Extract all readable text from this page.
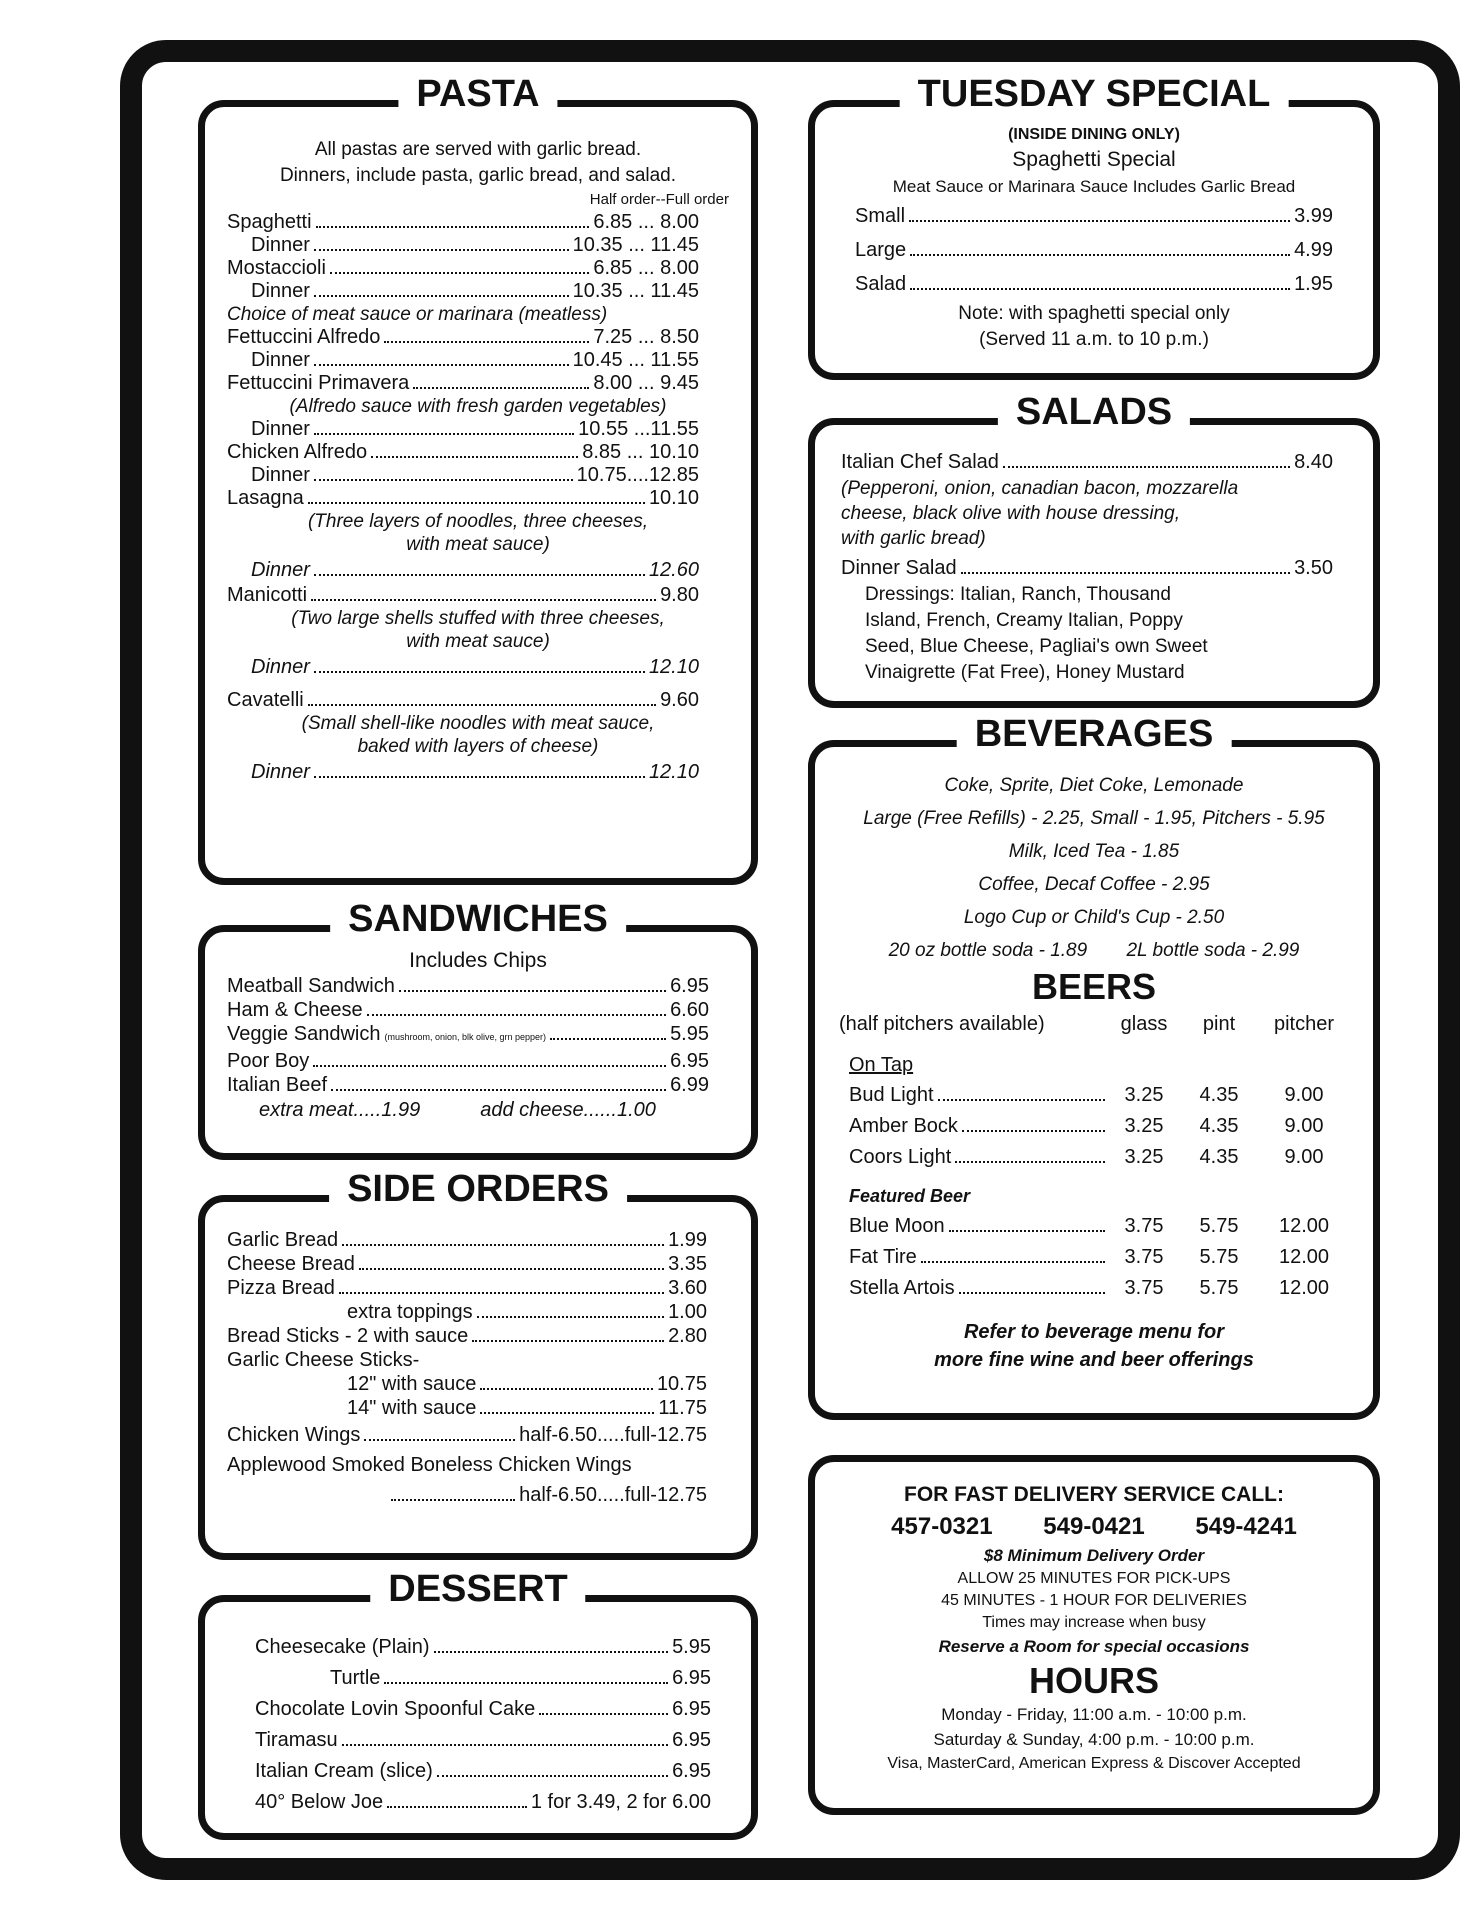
PASTA
All pastas are served with garlic bread.
Dinners, include pasta, garlic bread, and salad.
Half order--Full order
Spaghetti	6.85 ... 8.00
Dinner	10.35 ... 11.45
Mostaccioli	6.85 ... 8.00
Dinner	10.35 ... 11.45
Choice of meat sauce or marinara (meatless)
Fettuccini Alfredo	7.25 ... 8.50
Dinner	10.45 ... 11.55
Fettuccini Primavera	8.00 ... 9.45
(Alfredo sauce with fresh garden vegetables)
Dinner	10.55 ...11.55
Chicken Alfredo	8.85 ... 10.10
Dinner	10.75....12.85
Lasagna	10.10
(Three layers of noodles, three cheeses,
with meat sauce)
Dinner	12.60
Manicotti	9.80
(Two large shells stuffed with three cheeses,
with meat sauce)
Dinner	12.10
Cavatelli	9.60
(Small shell-like noodles with meat sauce,
baked with layers of cheese)
Dinner	12.10
SANDWICHES
Includes Chips
Meatball Sandwich	6.95
Ham & Cheese	6.60
Veggie Sandwich (mushroom, onion, blk olive, grn pepper)	5.95
Poor Boy	6.95
Italian Beef	6.99
extra meat.....1.99	add cheese......1.00
SIDE ORDERS
Garlic Bread	1.99
Cheese Bread	3.35
Pizza Bread	3.60
extra toppings	1.00
Bread Sticks - 2 with sauce	2.80
Garlic Cheese Sticks-
12" with sauce	10.75
14" with sauce	11.75
Chicken Wings	half-6.50.....full-12.75
Applewood Smoked Boneless Chicken Wings
half-6.50.....full-12.75
DESSERT
Cheesecake (Plain)	5.95
Turtle	6.95
Chocolate Lovin Spoonful Cake	6.95
Tiramasu	6.95
Italian Cream (slice)	6.95
40° Below Joe	1 for 3.49, 2 for 6.00
TUESDAY SPECIAL
(INSIDE DINING ONLY)
Spaghetti Special
Meat Sauce or Marinara Sauce Includes Garlic Bread
Small	3.99
Large	4.99
Salad	1.95
Note: with spaghetti special only
(Served 11 a.m. to 10 p.m.)
SALADS
Italian Chef Salad	8.40
(Pepperoni, onion, canadian bacon, mozzarella
cheese, black olive with house dressing,
with garlic bread)
Dinner Salad	3.50
Dressings: Italian, Ranch, Thousand
Island, French, Creamy Italian, Poppy
Seed, Blue Cheese, Pagliai's own Sweet
Vinaigrette (Fat Free), Honey Mustard
BEVERAGES
Coke, Sprite, Diet Coke, Lemonade
Large (Free Refills) - 2.25, Small - 1.95, Pitchers - 5.95
Milk, Iced Tea - 1.85
Coffee, Decaf Coffee - 2.95
Logo Cup or Child's Cup - 2.50
20 oz bottle soda - 1.89 2L bottle soda - 2.99
BEERS
(half pitchers available)	glass	pint	pitcher
On Tap
Bud Light	3.25	4.35	9.00
Amber Bock	3.25	4.35	9.00
Coors Light	3.25	4.35	9.00
Featured Beer
Blue Moon	3.75	5.75	12.00
Fat Tire	3.75	5.75	12.00
Stella Artois	3.75	5.75	12.00
Refer to beverage menu for
more fine wine and beer offerings
FOR FAST DELIVERY SERVICE CALL:
457-0321 549-0421 549-4241
$8 Minimum Delivery Order
ALLOW 25 MINUTES FOR PICK-UPS
45 MINUTES - 1 HOUR FOR DELIVERIES
Times may increase when busy
Reserve a Room for special occasions
HOURS
Monday - Friday, 11:00 a.m. - 10:00 p.m.
Saturday & Sunday, 4:00 p.m. - 10:00 p.m.
Visa, MasterCard, American Express & Discover Accepted
